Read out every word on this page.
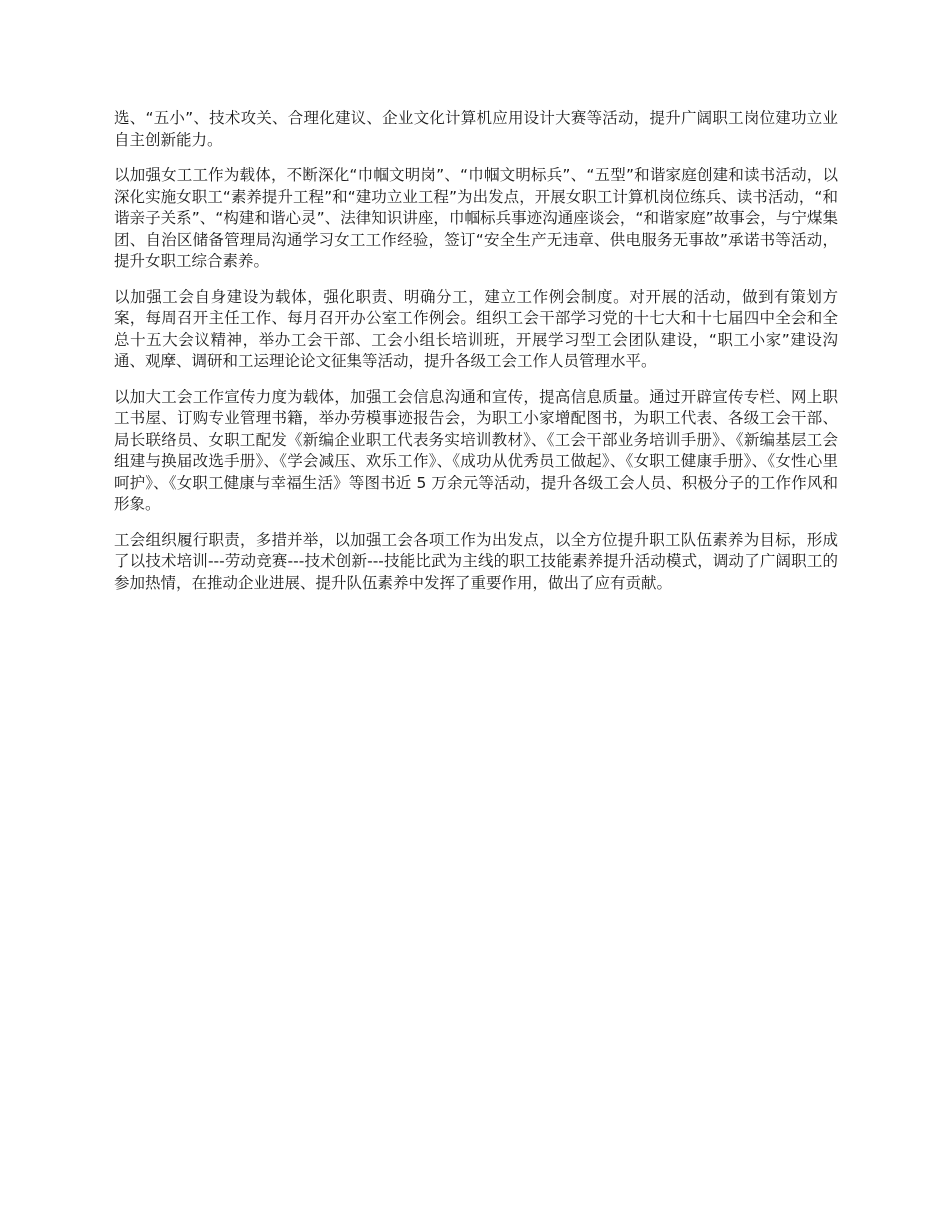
选、“五小”、技术攻关、合理化建议、企业文化计算机应用设计大赛等活动，提升广阔职工岗位建功立业自主创新能力。

以加强女工工作为载体，不断深化“巾帼文明岗”、“巾帼文明标兵”、“五型”和谐家庭创建和读书活动，以深化实施女职工“素养提升工程”和“建功立业工程”为出发点，开展女职工计算机岗位练兵、读书活动，“和谐亲子关系”、“构建和谐心灵”、法律知识讲座，巾帼标兵事迹沟通座谈会，“和谐家庭”故事会，与宁煤集团、自治区储备管理局沟通学习女工工作经验，签订“安全生产无违章、供电服务无事故”承诺书等活动，提升女职工综合素养。

以加强工会自身建设为载体，强化职责、明确分工，建立工作例会制度。对开展的活动，做到有策划方案，每周召开主任工作、每月召开办公室工作例会。组织工会干部学习党的十七大和十七届四中全会和全总十五大会议精神，举办工会干部、工会小组长培训班，开展学习型工会团队建设，“职工小家”建设沟通、观摩、调研和工运理论论文征集等活动，提升各级工会工作人员管理水平。

以加大工会工作宣传力度为载体，加强工会信息沟通和宣传，提高信息质量。通过开辟宣传专栏、网上职工书屋、订购专业管理书籍，举办劳模事迹报告会，为职工小家增配图书，为职工代表、各级工会干部、局长联络员、女职工配发《新编企业职工代表务实培训教材》、《工会干部业务培训手册》、《新编基层工会组建与换届改选手册》、《学会减压、欢乐工作》、《成功从优秀员工做起》、《女职工健康手册》、《女性心里呵护》、《女职工健康与幸福生活》等图书近 5 万余元等活动，提升各级工会人员、积极分子的工作作风和形象。

工会组织履行职责，多措并举，以加强工会各项工作为出发点，以全方位提升职工队伍素养为目标，形成了以技术培训---劳动竞赛---技术创新---技能比武为主线的职工技能素养提升活动模式，调动了广阔职工的参加热情，在推动企业进展、提升队伍素养中发挥了重要作用，做出了应有贡献。
